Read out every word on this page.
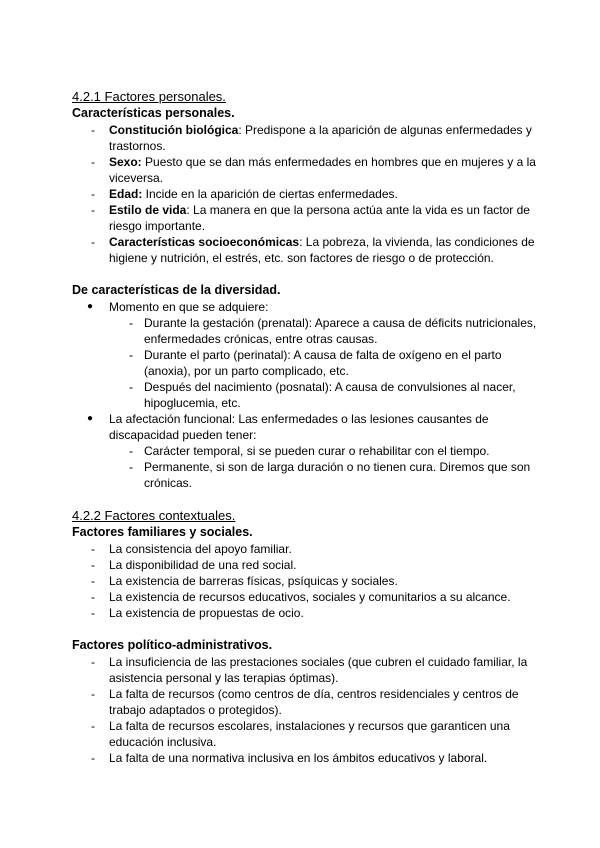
4.2.1 Factores personales.
Características personales.
- Constitución biológica: Predispone a la aparición de algunas enfermedades y trastornos.
- Sexo: Puesto que se dan más enfermedades en hombres que en mujeres y a la viceversa.
- Edad: Incide en la aparición de ciertas enfermedades.
- Estilo de vida: La manera en que la persona actúa ante la vida es un factor de riesgo importante.
- Características socioeconómicas: La pobreza, la vivienda, las condiciones de higiene y nutrición, el estrés, etc. son factores de riesgo o de protección.
De características de la diversidad.
● Momento en que se adquiere:
- Durante la gestación (prenatal): Aparece a causa de déficits nutricionales, enfermedades crónicas, entre otras causas.
- Durante el parto (perinatal): A causa de falta de oxígeno en el parto (anoxia), por un parto complicado, etc.
- Después del nacimiento (posnatal): A causa de convulsiones al nacer, hipoglucemia, etc.
● La afectación funcional: Las enfermedades o las lesiones causantes de discapacidad pueden tener:
- Carácter temporal, si se pueden curar o rehabilitar con el tiempo.
- Permanente, si son de larga duración o no tienen cura. Diremos que son crónicas.
4.2.2 Factores contextuales.
Factores familiares y sociales.
- La consistencia del apoyo familiar.
- La disponibilidad de una red social.
- La existencia de barreras físicas, psíquicas y sociales.
- La existencia de recursos educativos, sociales y comunitarios a su alcance.
- La existencia de propuestas de ocio.
Factores político-administrativos.
- La insuficiencia de las prestaciones sociales (que cubren el cuidado familiar, la asistencia personal y las terapias óptimas).
- La falta de recursos (como centros de día, centros residenciales y centros de trabajo adaptados o protegidos).
- La falta de recursos escolares, instalaciones y recursos que garanticen una educación inclusiva.
- La falta de una normativa inclusiva en los ámbitos educativos y laboral.
